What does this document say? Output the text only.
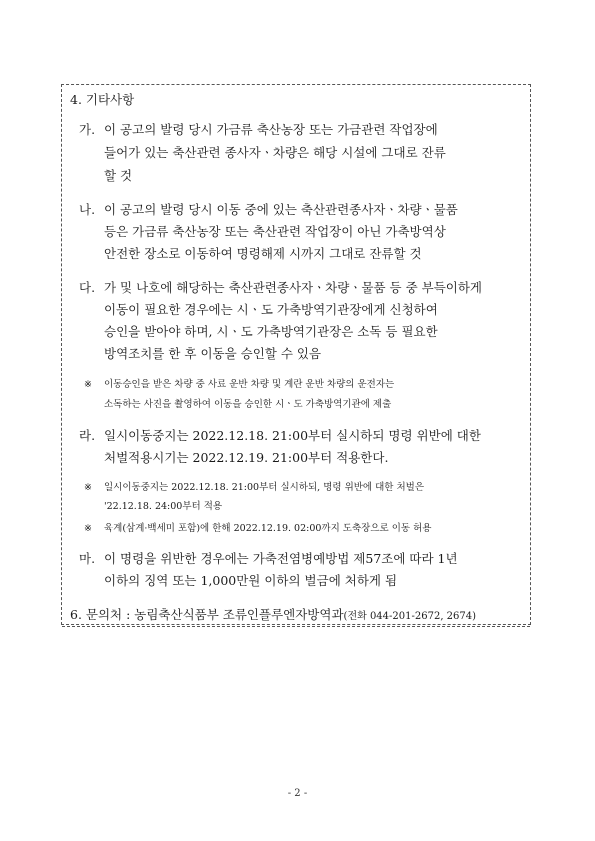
4. 기타사항
가. 이 공고의 발령 당시 가금류 축산농장 또는 가금관련 작업장에
들어가 있는 축산관련 종사자ㆍ차량은 해당 시설에 그대로 잔류
할 것
나. 이 공고의 발령 당시 이동 중에 있는 축산관련종사자ㆍ차량ㆍ물품
등은 가금류 축산농장 또는 축산관련 작업장이 아닌 가축방역상
안전한 장소로 이동하여 명령해제 시까지 그대로 잔류할 것
다. 가 및 나호에 해당하는 축산관련종사자ㆍ차량ㆍ물품 등 중 부득이하게
이동이 필요한 경우에는 시ㆍ도 가축방역기관장에게 신청하여
승인을 받아야 하며, 시ㆍ도 가축방역기관장은 소독 등 필요한
방역조치를 한 후 이동을 승인할 수 있음
※ 이동승인을 받은 차량 중 사료 운반 차량 및 계란 운반 차량의 운전자는
소독하는 사진을 촬영하여 이동을 승인한 시ㆍ도 가축방역기관에 제출
라. 일시이동중지는 2022.12.18. 21:00부터 실시하되 명령 위반에 대한
처벌적용시기는 2022.12.19. 21:00부터 적용한다.
※ 일시이동중지는 2022.12.18. 21:00부터 실시하되, 명령 위반에 대한 처벌은
'22.12.18. 24:00부터 적용
※ 육계(삼계·백세미 포함)에 한해 2022.12.19. 02:00까지 도축장으로 이동 허용
마. 이 명령을 위반한 경우에는 가축전염병예방법 제57조에 따라 1년
이하의 징역 또는 1,000만원 이하의 벌금에 처하게 됨
6. 문의처 : 농림축산식품부 조류인플루엔자방역과(전화 044-201-2672, 2674)
- 2 -
